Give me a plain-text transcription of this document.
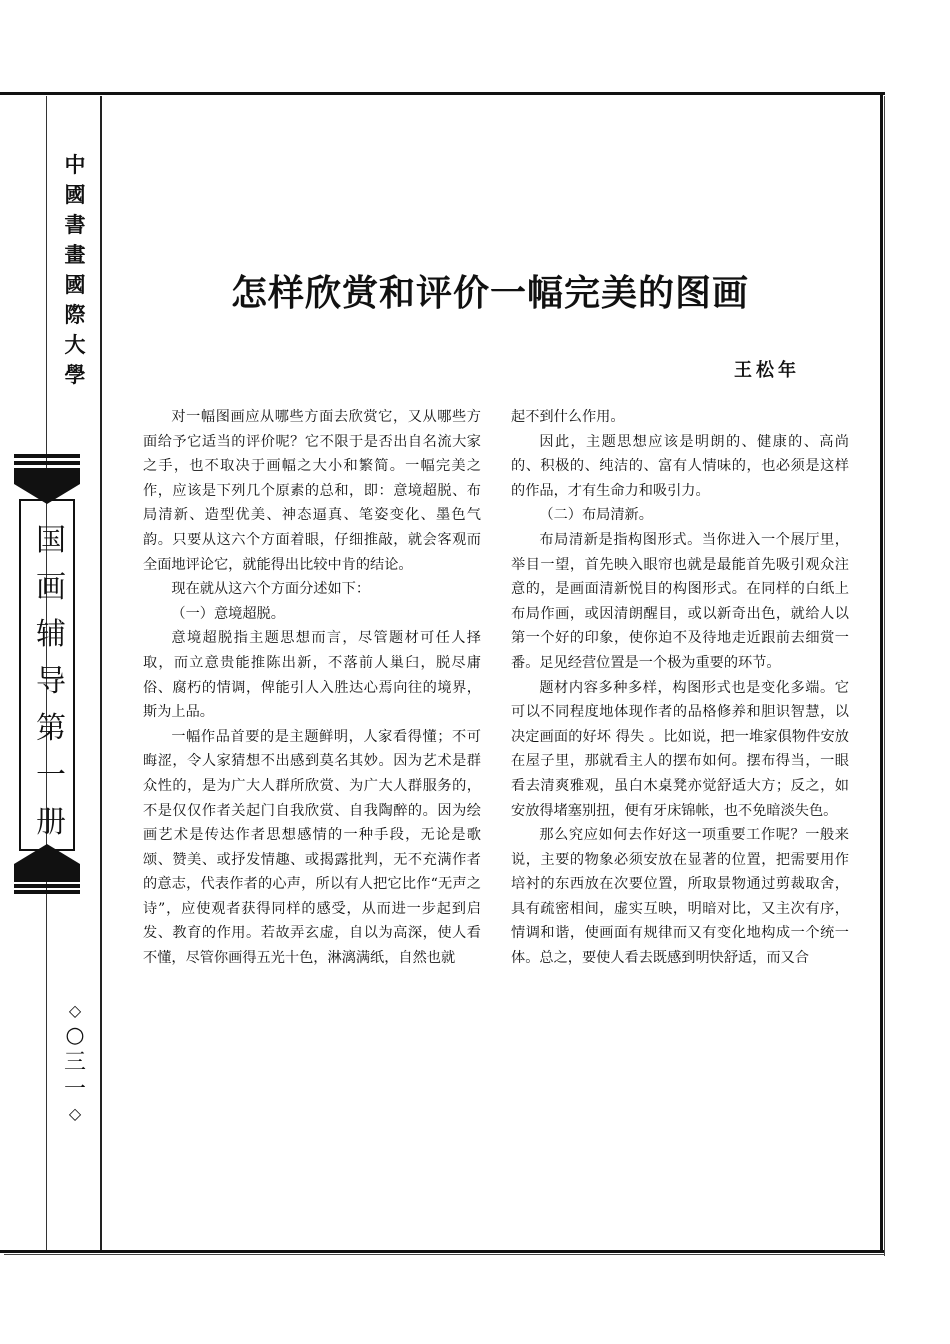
中
國
書
畫
國
際
大
學
国
画
辅
导
第
一
册
◇
○
三
一
◇
怎样欣赏和评价一幅完美的图画
王松年

对一幅图画应从哪些方面去欣赏它，又从哪些方面给予它适当的评价呢？它不限于是否出自名流大家之手，也不取决于画幅之大小和繁简。一幅完美之作，应该是下列几个原素的总和，即：意境超脱、布局清新、造型优美、神态逼真、笔姿变化、墨色气韵。只要从这六个方面着眼，仔细推敲，就会客观而全面地评论它，就能得出比较中肯的结论。

现在就从这六个方面分述如下：

（一）意境超脱。

意境超脱指主题思想而言，尽管题材可任人择取，而立意贵能推陈出新，不落前人巢臼，脱尽庸俗、腐朽的情调，俾能引人入胜达心焉向往的境界，斯为上品。

一幅作品首要的是主题鲜明，人家看得懂；不可晦涩，令人家猜想不出感到莫名其妙。因为艺术是群众性的，是为广大人群所欣赏、为广大人群服务的，不是仅仅作者关起门自我欣赏、自我陶醉的。因为绘画艺术是传达作者思想感情的一种手段，无论是歌颂、赞美、或抒发情趣、或揭露批判，无不充满作者的意志，代表作者的心声，所以有人把它比作“无声之诗”，应使观者获得同样的感受，从而进一步起到启发、教育的作用。若故弄玄虚，自以为高深，使人看不懂，尽管你画得五光十色，淋漓满纸，自然也就

起不到什么作用。

因此，主题思想应该是明朗的、健康的、高尚的、积极的、纯洁的、富有人情味的，也必须是这样的作品，才有生命力和吸引力。

（二）布局清新。

布局清新是指构图形式。当你进入一个展厅里，举目一望，首先映入眼帘也就是最能首先吸引观众注意的，是画面清新悦目的构图形式。在同样的白纸上布局作画，或因清朗醒目，或以新奇出色，就给人以第一个好的印象，使你迫不及待地走近跟前去细赏一番。足见经营位置是一个极为重要的环节。

题材内容多种多样，构图形式也是变化多端。它可以不同程度地体现作者的品格修养和胆识智慧，以决定画面的好坏 得失 。比如说，把一堆家俱物件安放在屋子里，那就看主人的摆布如何。摆布得当，一眼看去清爽雅观，虽白木桌凳亦觉舒适大方；反之，如安放得堵塞别扭，便有牙床锦帐，也不免暗淡失色。

那么究应如何去作好这一项重要工作呢？一般来说，主要的物象必须安放在显著的位置，把需要用作培衬的东西放在次要位置，所取景物通过剪裁取舍，具有疏密相间，虚实互映，明暗对比，又主次有序，情调和谐，使画面有规律而又有变化地构成一个统一体。总之，要使人看去既感到明快舒适，而又合
